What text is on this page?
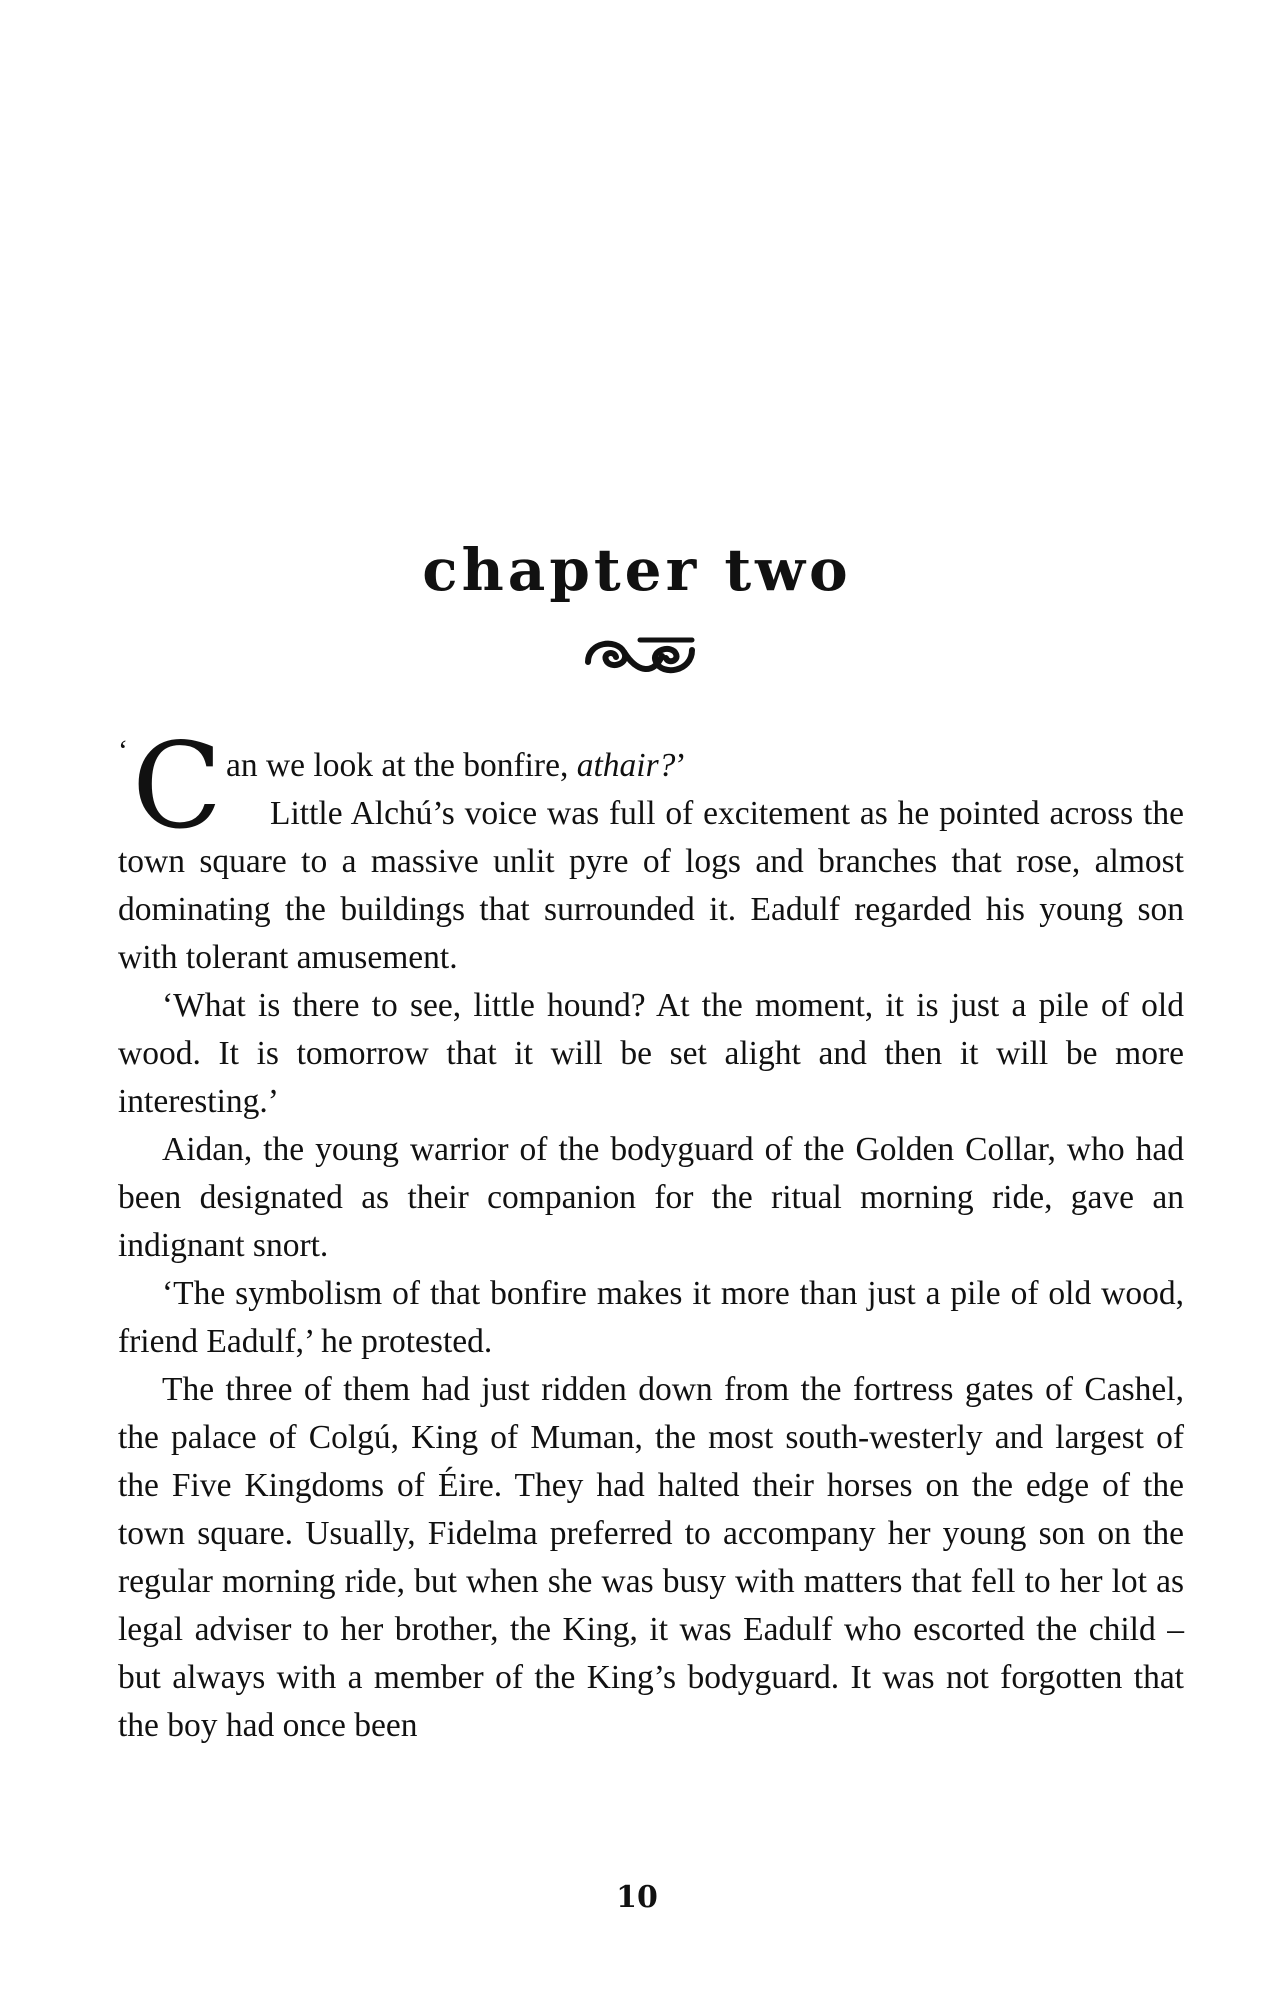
chapter two

‘ C an we look at the bonfire, athair?’

Little Alchú’s voice was full of excitement as he pointed across the town square to a massive unlit pyre of logs and branches that rose, almost dominating the buildings that surrounded it. Eadulf regarded his young son with tolerant amusement.

‘What is there to see, little hound? At the moment, it is just a pile of old wood. It is tomorrow that it will be set alight and then it will be more interesting.’

Aidan, the young warrior of the bodyguard of the Golden Collar, who had been designated as their companion for the ritual morning ride, gave an indignant snort.

‘The symbolism of that bonfire makes it more than just a pile of old wood, friend Eadulf,’ he protested.

The three of them had just ridden down from the fortress gates of Cashel, the palace of Colgú, King of Muman, the most south-westerly and largest of the Five Kingdoms of Éire. They had halted their horses on the edge of the town square. Usually, Fidelma preferred to accompany her young son on the regular morning ride, but when she was busy with matters that fell to her lot as legal adviser to her brother, the King, it was Eadulf who escorted the child – but always with a member of the King’s bodyguard. It was not forgotten that the boy had once been

10
